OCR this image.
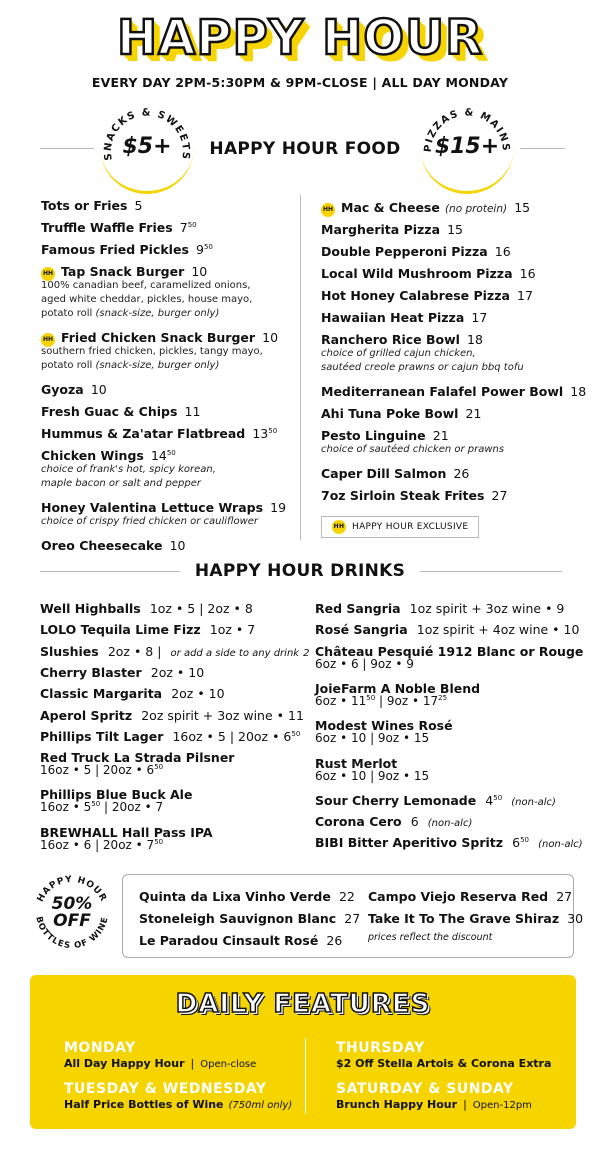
HAPPY HOUR
EVERY DAY 2PM-5:30PM & 9PM-CLOSE | ALL DAY MONDAY
SNACKS & SWEETS
$5+	HAPPY HOUR FOOD	PIZZAS & MAINS
$15+
Tots or Fries 5
Truffle Waffle Fries $7^{50}$
Famous Fried Pickles $9^{50}$
HH Tap Snack Burger 10
100% canadian beef, caramelized onions,
aged white cheddar, pickles, house mayo,
potato roll (snack-size, burger only)
HH Fried Chicken Snack Burger 10
southern fried chicken, pickles, tangy mayo,
potato roll (snack-size, burger only)
Gyoza 10
Fresh Guac & Chips 11
Hummus & Za'atar Flatbread $13^{50}$
Chicken Wings $14^{50}$
choice of frank's hot, spicy korean,
maple bacon or salt and pepper
Honey Valentina Lettuce Wraps 19
choice of crispy fried chicken or cauliflower
Oreo Cheesecake 10
HH Mac & Cheese (no protein) 15
Margherita Pizza 15
Double Pepperoni Pizza 16
Local Wild Mushroom Pizza 16
Hot Honey Calabrese Pizza 17
Hawaiian Heat Pizza 17
Ranchero Rice Bowl 18
choice of grilled cajun chicken,
sautéed creole prawns or cajun bbq tofu
Mediterranean Falafel Power Bowl 18
Ahi Tuna Poke Bowl 21
Pesto Linguine 21
choice of sautéed chicken or prawns
Caper Dill Salmon 26
7oz Sirloin Steak Frites 27
HH HAPPY HOUR EXCLUSIVE
HAPPY HOUR DRINKS
Well Highballs 1oz • 5 | 2oz • 8
LOLO Tequila Lime Fizz 1oz • 7
Slushies 2oz • 8 | or add a side to any drink 2
Cherry Blaster 2oz • 10
Classic Margarita 2oz • 10
Aperol Spritz 2oz spirit + 3oz wine • 11
Phillips Tilt Lager 16oz • 5 | 20oz • $6^{50}$
Red Truck La Strada Pilsner
16oz • 5 | 20oz • $6^{50}$
Phillips Blue Buck Ale
16oz • $5^{50}$ | 20oz • 7
BREWHALL Hall Pass IPA
16oz • 6 | 20oz • $7^{50}$
Red Sangria 1oz spirit + 3oz wine • 9
Rosé Sangria 1oz spirit + 4oz wine • 10
Château Pesquié 1912 Blanc or Rouge
6oz • 6 | 9oz • 9
JoieFarm A Noble Blend
6oz • $11^{50}$ | 9oz • $17^{25}$
Modest Wines Rosé
6oz • 10 | 9oz • 15
Rust Merlot
6oz • 10 | 9oz • 15
Sour Cherry Lemonade $4^{50}$ (non-alc)
Corona Cero 6 (non-alc)
BIBI Bitter Aperitivo Spritz $6^{50}$ (non-alc)
HAPPY HOUR
BOTTLES OF WINE
50%
OFF
Quinta da Lixa Vinho Verde 22
Stoneleigh Sauvignon Blanc 27
Le Paradou Cinsault Rosé 26
Campo Viejo Reserva Red 27
Take It To The Grave Shiraz 30
prices reflect the discount
DAILY FEATURES
MONDAY
All Day Happy Hour | Open-close
THURSDAY
$2 Off Stella Artois & Corona Extra
TUESDAY & WEDNESDAY
Half Price Bottles of Wine (750ml only)
SATURDAY & SUNDAY
Brunch Happy Hour | Open-12pm
